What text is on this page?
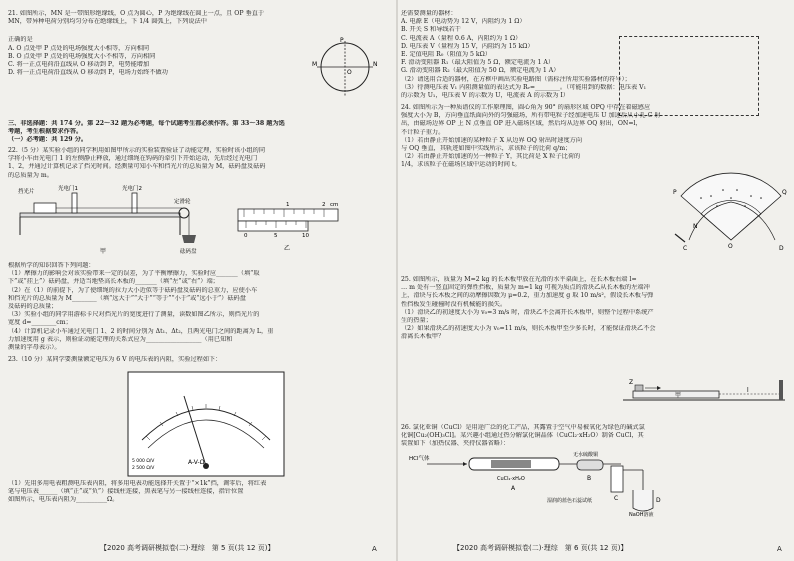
21. 如图所示，MN 是一带图形绝缘线，O 点为圆心，P 为绝缘线在圆上一点，且 OP 垂直于
MN，带异种电荷分别均匀分布在绝缘线上，下 1/4 圆弧上，下列说法中
正确的是
A. O 点处甲 P 点处的电场强度大小相等，方向相同
B. O 点处甲 P 点处的电场强度大小不相等，方向相同
C. 将一正点电荷沿直线从 O 移动到 P，电势能增加
D. 将一正点电荷沿直线从 O 移动到 P，电场力始终不做功
P
M	N
O
三、非选择题：共 174 分。第 22～32 题为必考题，每个试题考生都必须作答。第 33～38 题为选
考题，考生根据要求作答。
（一）必考题：共 129 分。
22.（5 分）某实验小组的同学利用如图甲所示的实验装置验证了动能定理，实验时该小组的同
学将小车由光电门 1 的左侧静止释放，通过细绳在钩码的牵引下开始运动，先后经过光电门
1、2，并通过计算机记录了挡光时间。经测量可知小车和挡光片的总质量为 M，砝码盘及砝码
的总质量为 m。
挡光片	光电门1	光电门2
定滑轮
砝码盘
甲
1	2 cm
0	5	10
乙
根据所学的知识回答下列问题：
（1）摩擦力的影响会对该实验带来一定的误差，为了平衡摩擦力，实验时应_______（填“取
下”或“挂上”）砝码盘，并适当地垫高长木板的_______（填“左”或“右”）端；
（2）在（1）的前提下，为了使细绳的拉力大小近似等于砝码盘及砝码的总重力，应使小车
和挡光片的总质量为 M________（填“远大于”“大于”“等于”“小于”或“远小于”）砝码盘
及砝码的总质量；
（3）实验小组的同学用游标卡尺对挡光片的宽度进行了测量，读数如图乙所示，则挡光片的
宽度 d=________cm；
（4）计算机记录小车通过光电门 1、2 的时间分别为 Δt₁、Δt₂，且两光电门之间的距离为 L，重
力加速度用 g 表示，则验证动能定理的关系式应为__________________（用已知和
测量的字母表示）。
23.（10 分）某同学要测量额定电压为 6 V 的电压表的内阻，实验过程如下：
A-V-Ω
5 000 Ω/V
2 500 Ω/V
（1）先用多用电表粗测电压表内阻，将多用电表功能选择开关置于“×1k”挡，调零后，将红表
笔与电压表______（填“正”或“负”）接线柱连接，黑表笔与另一接线柱连接，指针位置
如图所示，电压表内阻为__________Ω。
【2020 高考调研模拟卷(二)·理综　第 5 页(共 12 页)】	A
还需要测量的器材：
A. 电源 E（电动势为 12 V，内阻约为 1 Ω）
B. 开关 S 和导线若干
C. 电流表 A（量程 0.6 A，内阻约为 1 Ω）
D. 电压表 V（量程为 15 V，内阻约为 15 kΩ）
E. 定值电阻 R₀（阻值为 5 kΩ）
F. 滑动变阻器 R₁（最大阻值为 5 Ω，额定电流为 1 A）
G. 滑动变阻器 R₂（最大阻值为 50 Ω，额定电流为 1 A）
（2）请选用合适的器材，在方框中画出实验电路图（需标注所用实验器材的符号）；
（3）待测电压表 V₁ 内阻测量值的表达式为 Rᵥ=________。（可能用到的数据：电压表 V₁
的示数为 U₁，电压表 V 的示数为 U，电流表 A 的示数为 I）
24. 如图所示为一种质谱仪的工作原理图，圆心角为 90° 的扇形区域 OPQ 中存在着磁感应
强度大小为 B，方向垂直纸面向外的匀强磁场，所有带电粒子经加速电压 U 加速后从小孔 C 射
出，由磁场边界 OP 上 N 点垂直 OP 进入磁场区域，然后均从边界 OQ 射出，ON=l，
不计粒子重力。
（1）若由静止开始加速的某种粒子 X 从边界 OQ 射出时速度方向
与 OQ 垂直，其轨迹如图中实线所示，求该粒子的比荷 q/m；
（2）若由静止开始加速的另一种粒子 Y，其比荷是 X 粒子比荷的
1/4，求该粒子在磁场区域中运动的时间 t。
O
P	Q
N
C	D
25. 如图所示，质量为 M=2 kg 的长木板甲放在光滑的水平桌面上，在长木板右端 l=
… m 处有一竖直固定的弹性挡板，质量为 m=1 kg 可视为质点的滑块乙从长木板的左端冲
上，滑块与长木板之间的动摩擦因数为 μ=0.2，重力加速度 g 取 10 m/s²，假设长木板与弹
性挡板发生碰撞时没有机械能的损失。
（1）滑块乙的初速度大小为 v₀=3 m/s 时，滑块乙不会离开长木板甲，则整个过程中系统产
生的热量；
（2）如果滑块乙的初速度大小为 v₀=11 m/s，则长木板甲至少多长时，才能保证滑块乙不会
滑离长木板甲？
Z
甲
l
26. 氯化亚铜（CuCl）是用途广泛的化工产品，其露置于空气中易被氧化为绿色的碱式氯
化铜[Cu₂(OH)₃Cl]。某兴趣小组通过热分解氯化铜晶体（CuCl₂·xH₂O）制备 CuCl，其
装置如下（加热仪器、夹持仪器省略）：
HCl气体
CuCl₂·xH₂O
无水硫酸铜
湿润的蓝色石蕊试纸
NaOH溶液
A
B
C	D
【2020 高考调研模拟卷(二)·理综　第 6 页(共 12 页)】	A
